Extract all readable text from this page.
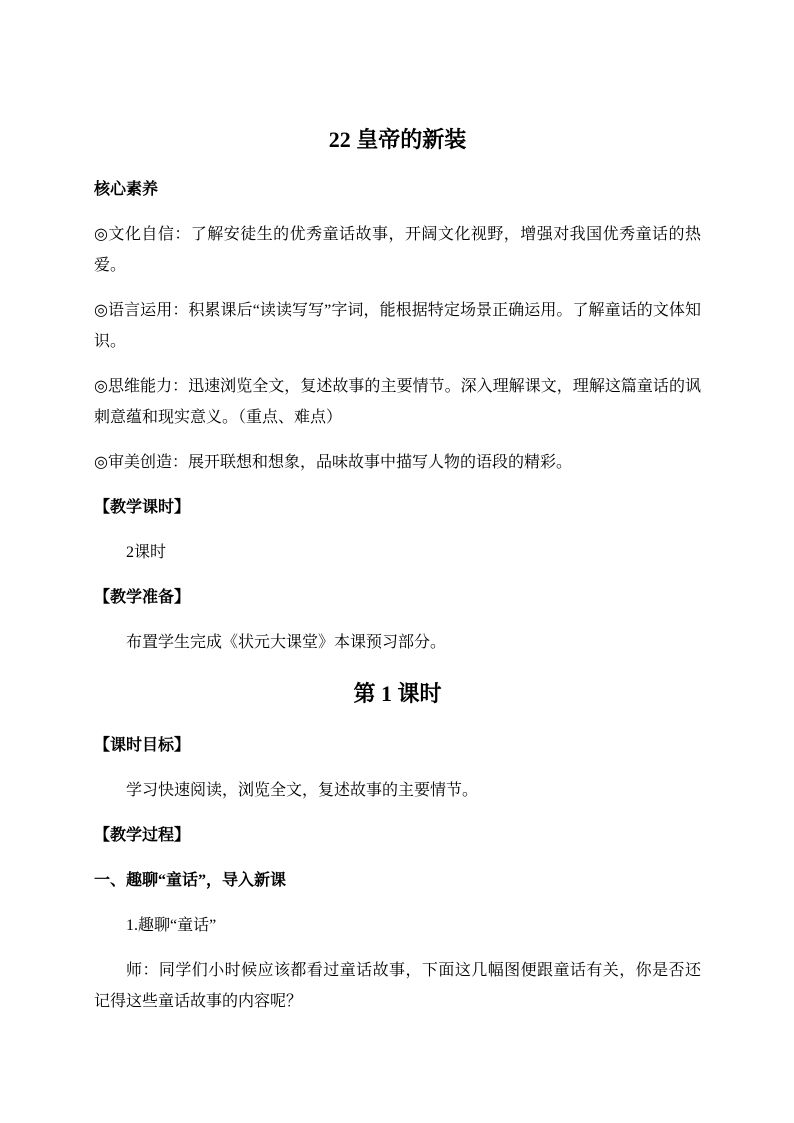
22 皇帝的新装

核心素养

◎文化自信：了解安徒生的优秀童话故事，开阔文化视野，增强对我国优秀童话的热爱。

◎语言运用：积累课后“读读写写”字词，能根据特定场景正确运用。了解童话的文体知识。

◎思维能力：迅速浏览全文，复述故事的主要情节。深入理解课文，理解这篇童话的讽刺意蕴和现实意义。（重点、难点）

◎审美创造：展开联想和想象，品味故事中描写人物的语段的精彩。

【教学课时】

2课时

【教学准备】

布置学生完成《状元大课堂》本课预习部分。

第 1 课时

【课时目标】

学习快速阅读，浏览全文，复述故事的主要情节。

【教学过程】

一、趣聊“童话”，导入新课

1.趣聊“童话”

师：同学们小时候应该都看过童话故事，下面这几幅图便跟童话有关，你是否还记得这些童话故事的内容呢？
